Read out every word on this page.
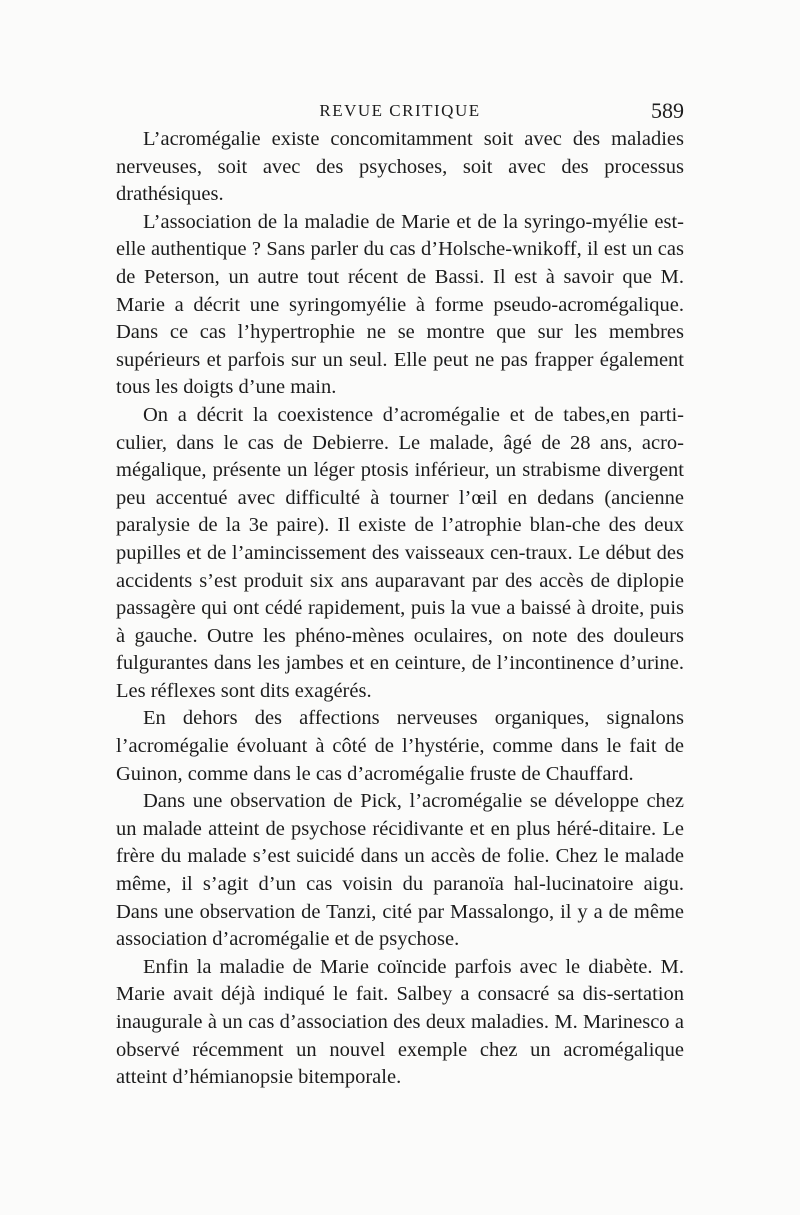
REVUE CRITIQUE	589

L’acromégalie existe concomitamment soit avec des maladies nerveuses, soit avec des psychoses, soit avec des processus drathésiques.

L’association de la maladie de Marie et de la syringo-myélie est-elle authentique ? Sans parler du cas d’Holsche-wnikoff, il est un cas de Peterson, un autre tout récent de Bassi. Il est à savoir que M. Marie a décrit une syringomyélie à forme pseudo-acromégalique. Dans ce cas l’hypertrophie ne se montre que sur les membres supérieurs et parfois sur un seul. Elle peut ne pas frapper également tous les doigts d’une main.

On a décrit la coexistence d’acromégalie et de tabes,en parti-culier, dans le cas de Debierre. Le malade, âgé de 28 ans, acro-mégalique, présente un léger ptosis inférieur, un strabisme divergent peu accentué avec difficulté à tourner l’œil en dedans (ancienne paralysie de la 3e paire). Il existe de l’atrophie blan-che des deux pupilles et de l’amincissement des vaisseaux cen-traux. Le début des accidents s’est produit six ans auparavant par des accès de diplopie passagère qui ont cédé rapidement, puis la vue a baissé à droite, puis à gauche. Outre les phéno-mènes oculaires, on note des douleurs fulgurantes dans les jambes et en ceinture, de l’incontinence d’urine. Les réflexes sont dits exagérés.

En dehors des affections nerveuses organiques, signalons l’acromégalie évoluant à côté de l’hystérie, comme dans le fait de Guinon, comme dans le cas d’acromégalie fruste de Chauffard.

Dans une observation de Pick, l’acromégalie se développe chez un malade atteint de psychose récidivante et en plus héré-ditaire. Le frère du malade s’est suicidé dans un accès de folie. Chez le malade même, il s’agit d’un cas voisin du paranoïa hal-lucinatoire aigu. Dans une observation de Tanzi, cité par Massalongo, il y a de même association d’acromégalie et de psychose.

Enfin la maladie de Marie coïncide parfois avec le diabète. M. Marie avait déjà indiqué le fait. Salbey a consacré sa dis-sertation inaugurale à un cas d’association des deux maladies. M. Marinesco a observé récemment un nouvel exemple chez un acromégalique atteint d’hémianopsie bitemporale.
